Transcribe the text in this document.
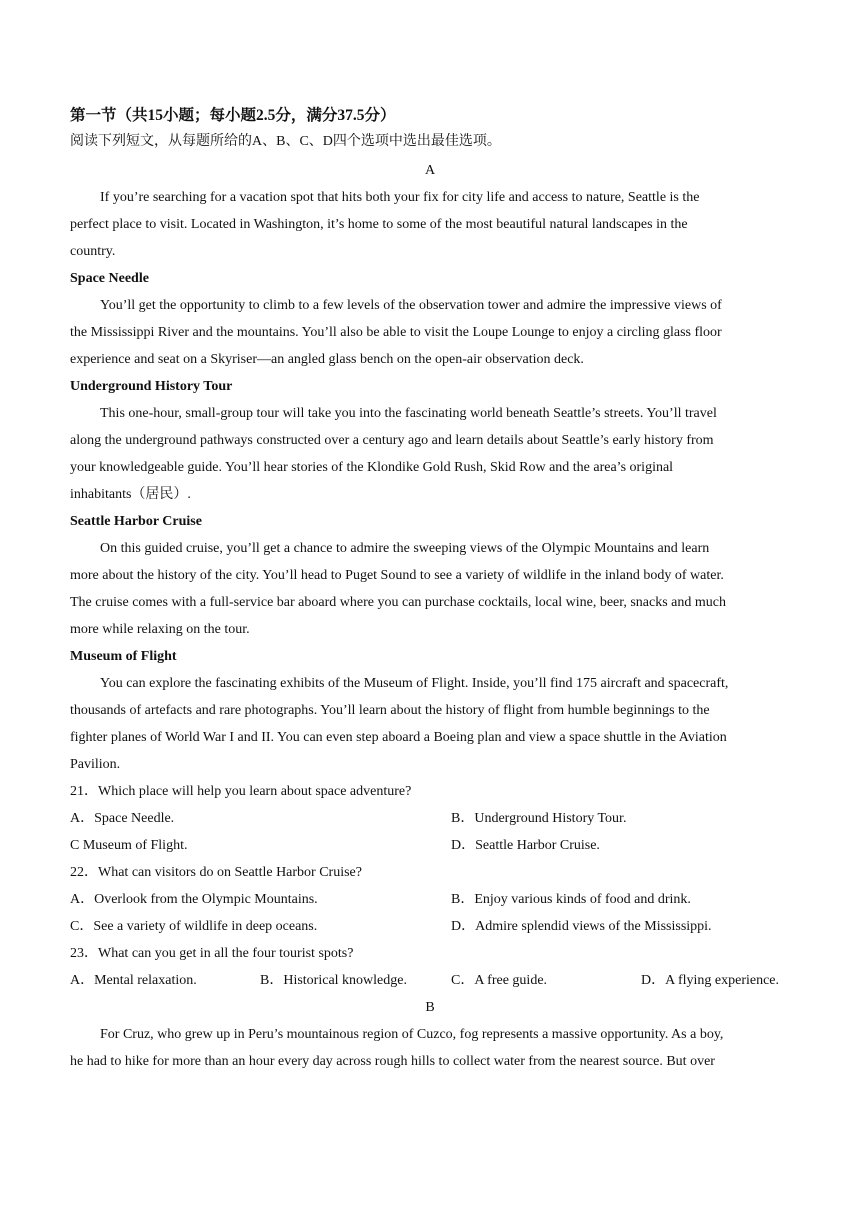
第一节（共15小题；每小题2.5分，满分37.5分）
阅读下列短文，从每题所给的A、B、C、D四个选项中选出最佳选项。
A
If you’re searching for a vacation spot that hits both your fix for city life and access to nature, Seattle is the
perfect place to visit. Located in Washington, it’s home to some of the most beautiful natural landscapes in the
country.
Space Needle
You’ll get the opportunity to climb to a few levels of the observation tower and admire the impressive views of
the Mississippi River and the mountains. You’ll also be able to visit the Loupe Lounge to enjoy a circling glass floor
experience and seat on a Skyriser—an angled glass bench on the open-air observation deck.
Underground History Tour
This one-hour, small-group tour will take you into the fascinating world beneath Seattle’s streets. You’ll travel
along the underground pathways constructed over a century ago and learn details about Seattle’s early history from
your knowledgeable guide. You’ll hear stories of the Klondike Gold Rush, Skid Row and the area’s original
inhabitants（居民）.
Seattle Harbor Cruise
On this guided cruise, you’ll get a chance to admire the sweeping views of the Olympic Mountains and learn
more about the history of the city. You’ll head to Puget Sound to see a variety of wildlife in the inland body of water.
The cruise comes with a full-service bar aboard where you can purchase cocktails, local wine, beer, snacks and much
more while relaxing on the tour.
Museum of Flight
You can explore the fascinating exhibits of the Museum of Flight. Inside, you’ll find 175 aircraft and spacecraft,
thousands of artefacts and rare photographs. You’ll learn about the history of flight from humble beginnings to the
fighter planes of World War I and II. You can even step aboard a Boeing plan and view a space shuttle in the Aviation
Pavilion.
21．Which place will help you learn about space adventure?
A．Space Needle.	B．Underground History Tour.
C Museum of Flight.	D．Seattle Harbor Cruise.
22．What can visitors do on Seattle Harbor Cruise?
A．Overlook from the Olympic Mountains.	B．Enjoy various kinds of food and drink.
C．See a variety of wildlife in deep oceans.	D．Admire splendid views of the Mississippi.
23．What can you get in all the four tourist spots?
A．Mental relaxation.	B．Historical knowledge.	C．A free guide.	D．A flying experience.
B
For Cruz, who grew up in Peru’s mountainous region of Cuzco, fog represents a massive opportunity. As a boy,
he had to hike for more than an hour every day across rough hills to collect water from the nearest source. But over
